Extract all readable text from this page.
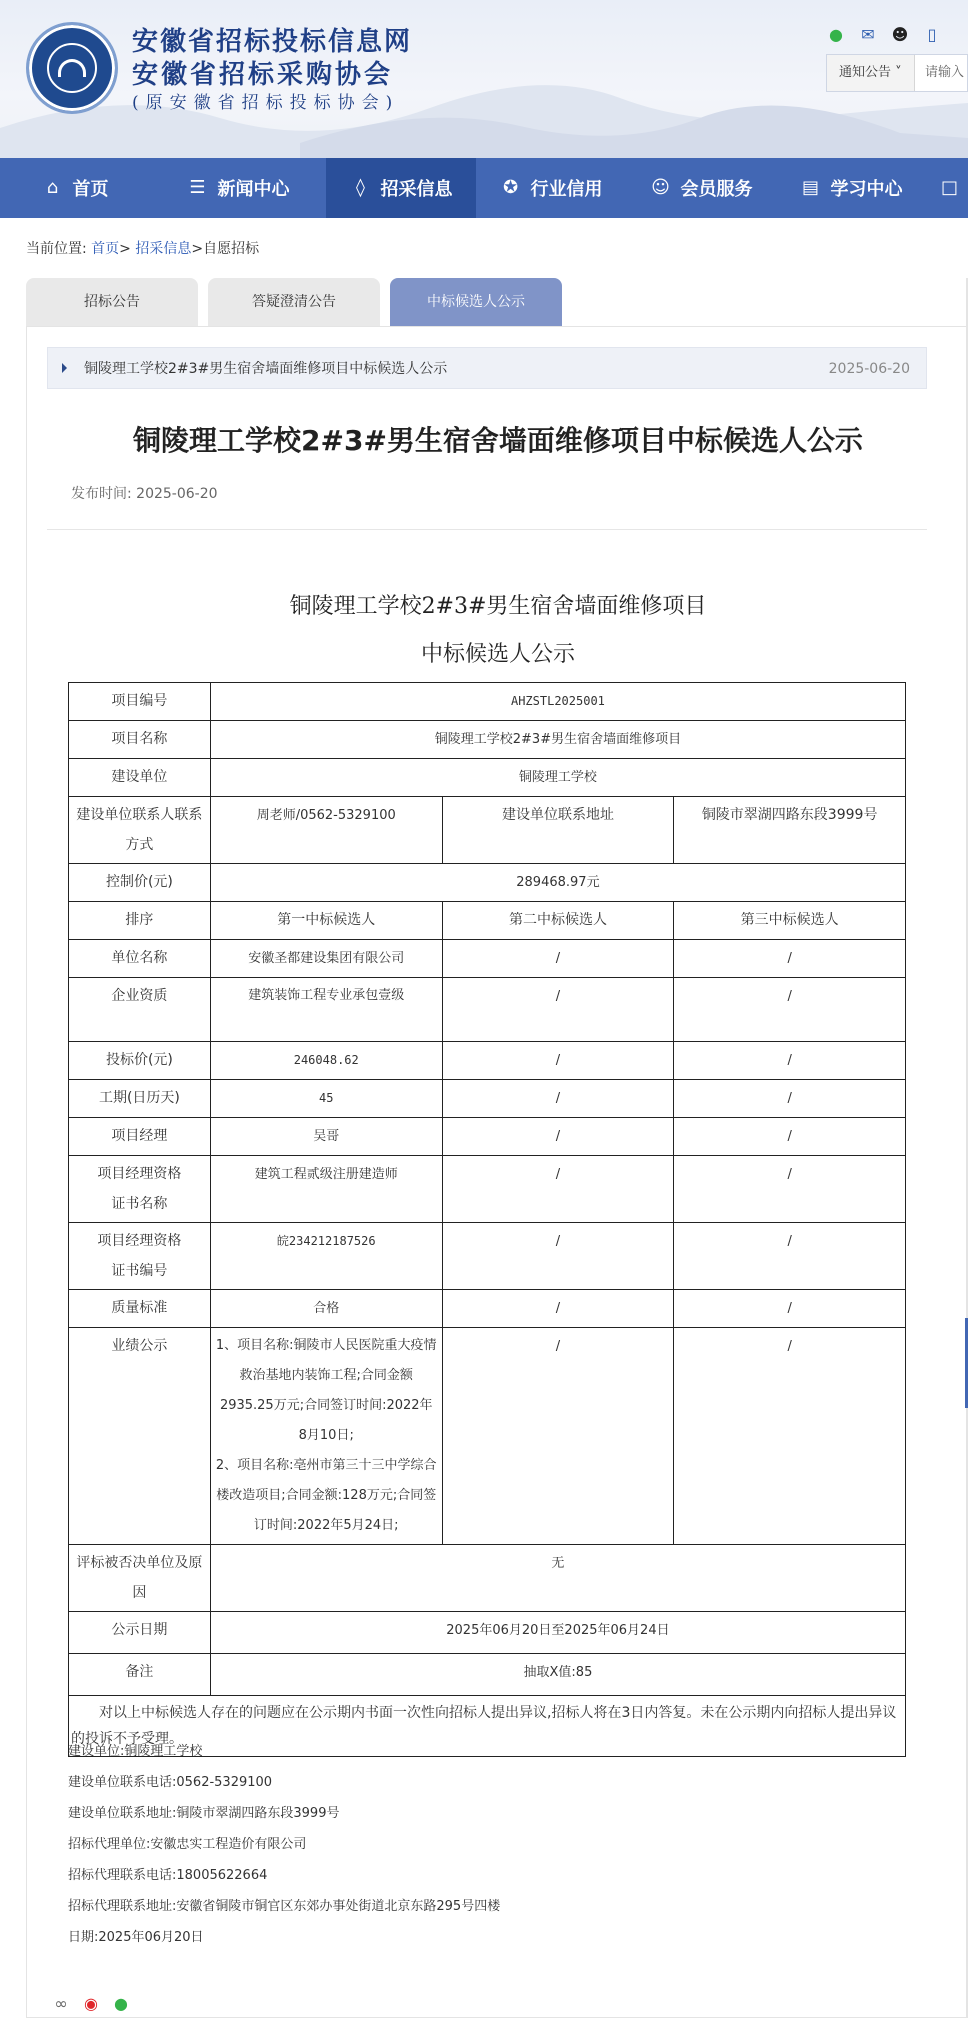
安徽省招标投标信息网
安徽省招标采购协会
(原安徽省招标投标协会)
● ✉ ☻	▯
通知公告 ˅	请输入
⌂ 首页	☰ 新闻中心	◊ 招采信息	✪ 行业信用	☺ 会员服务	▤ 学习中心 □
当前位置: 首页> 招采信息>自愿招标
招标公告	答疑澄清公告	中标候选人公示
铜陵理工学校2#3#男生宿舍墙面维修项目中标候选人公示	2025-06-20
铜陵理工学校2#3#男生宿舍墙面维修项目中标候选人公示
发布时间: 2025-06-20
铜陵理工学校2#3#男生宿舍墙面维修项目
中标候选人公示
项目编号	AHZSTL2025001		
项目名称	铜陵理工学校2#3#男生宿舍墙面维修项目		
建设单位	铜陵理工学校		

建设单位联系人联系方式	周老师/0562-5329100	建设单位联系地址	铜陵市翠湖四路东段3999号
控制价(元)	289468.97元		
排序	第一中标候选人	第二中标候选人	第三中标候选人
单位名称	安徽圣都建设集团有限公司	/	/
企业资质	建筑装饰工程专业承包壹级	/	/
投标价(元)	246048.62	/	/
工期(日历天)	45	/	/
项目经理	吴哥	/	/

项目经理资格证书名称	建筑工程贰级注册建造师	/	/

项目经理资格证书编号	皖234212187526	/	/
质量标准	合格	/	/
业绩公示	1、项目名称:铜陵市人民医院重大疫情救治基地内装饰工程;合同金额2935.25万元;合同签订时间:2022年8月10日;
2、项目名称:亳州市第三十三中学综合楼改造项目;合同金额:128万元;合同签订时间:2022年5月24日;	/	/

评标被否决单位及原因	无		
公示日期	2025年06月20日至2025年06月24日		
备注	抽取X值:85		
对以上中标候选人存在的问题应在公示期内书面一次性向招标人提出异议,招标人将在3日内答复。未在公示期内向招标人提出异议的投诉不予受理。			
建设单位:铜陵理工学校
建设单位联系电话:0562-5329100
建设单位联系地址:铜陵市翠湖四路东段3999号
招标代理单位:安徽忠实工程造价有限公司
招标代理联系电话:18005622664
招标代理联系地址:安徽省铜陵市铜官区东郊办事处街道北京东路295号四楼
日期:2025年06月20日
∞ ◉ ●
